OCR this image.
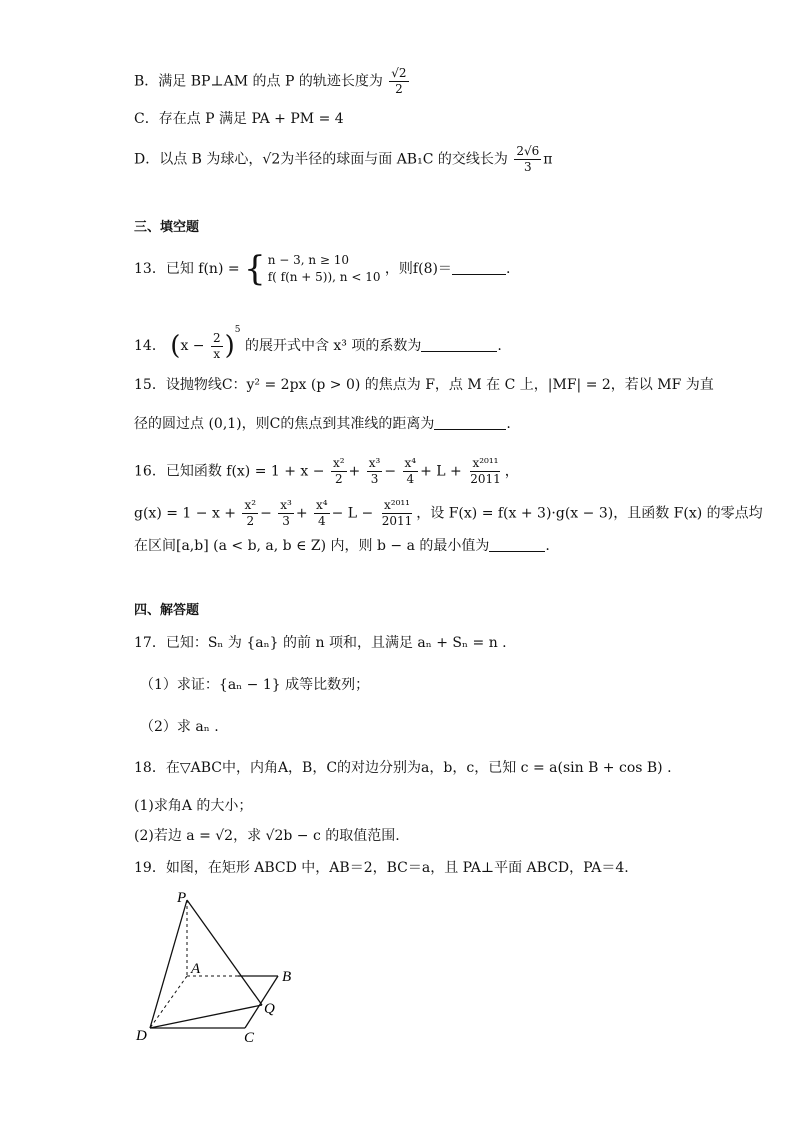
B．满足 BP⊥AM 的点 P 的轨迹长度为 $\frac{√2}{2}$
C．存在点 P 满足 PA + PM = 4
D．以点 B 为球心，√2为半径的球面与面 AB₁C 的交线长为 $\frac{2√6}{3}$ π
三、填空题
13．已知 f(n) = { n − 3, n ≥ 10
f( f(n + 5)), n < 10 ，则f(8)＝	.
14． $(x - \frac{2}{x} )^5$ 的展开式中含 x³ 项的系数为	.
15．设抛物线C：y² = 2px (p > 0) 的焦点为 F，点 M 在 C 上，|MF| = 2，若以 MF 为直
径的圆过点 (0,1)，则C的焦点到其准线的距离为	.
16．已知函数 $f(x) = 1 + x - \frac{\text{x²}}{2} + \frac{\text{x³}}{3} - \frac{\text{x⁴}}{4} + L + \frac{\text{x²⁰¹¹}}{2011}$ ，
$g(x) = 1 - x + \frac{\text{x²}}{2} - \frac{\text{x³}}{3} + \frac{\text{x⁴}}{4} - L - \frac{\text{x²⁰¹¹}}{2011}$ ，设 F(x) = f(x + 3)·g(x − 3)，且函数 F(x) 的零点均
在区间[a,b] (a < b, a, b ∈ Z) 内，则 b − a 的最小值为	.
四、解答题
17．已知：Sₙ 为 {aₙ} 的前 n 项和，且满足 aₙ + Sₙ = n .
（1）求证：{aₙ − 1} 成等比数列；
（2）求 aₙ .
18．在▽ABC中，内角A，B，C的对边分别为a，b，c，已知 c = a(sin B + cos B) .
(1)求角A 的大小；
(2)若边 a = √2，求 √2b − c 的取值范围.
19．如图，在矩形 ABCD 中，AB＝2，BC＝a，且 PA⊥平面 ABCD，PA＝4.
P
A	B
Q
C
D
